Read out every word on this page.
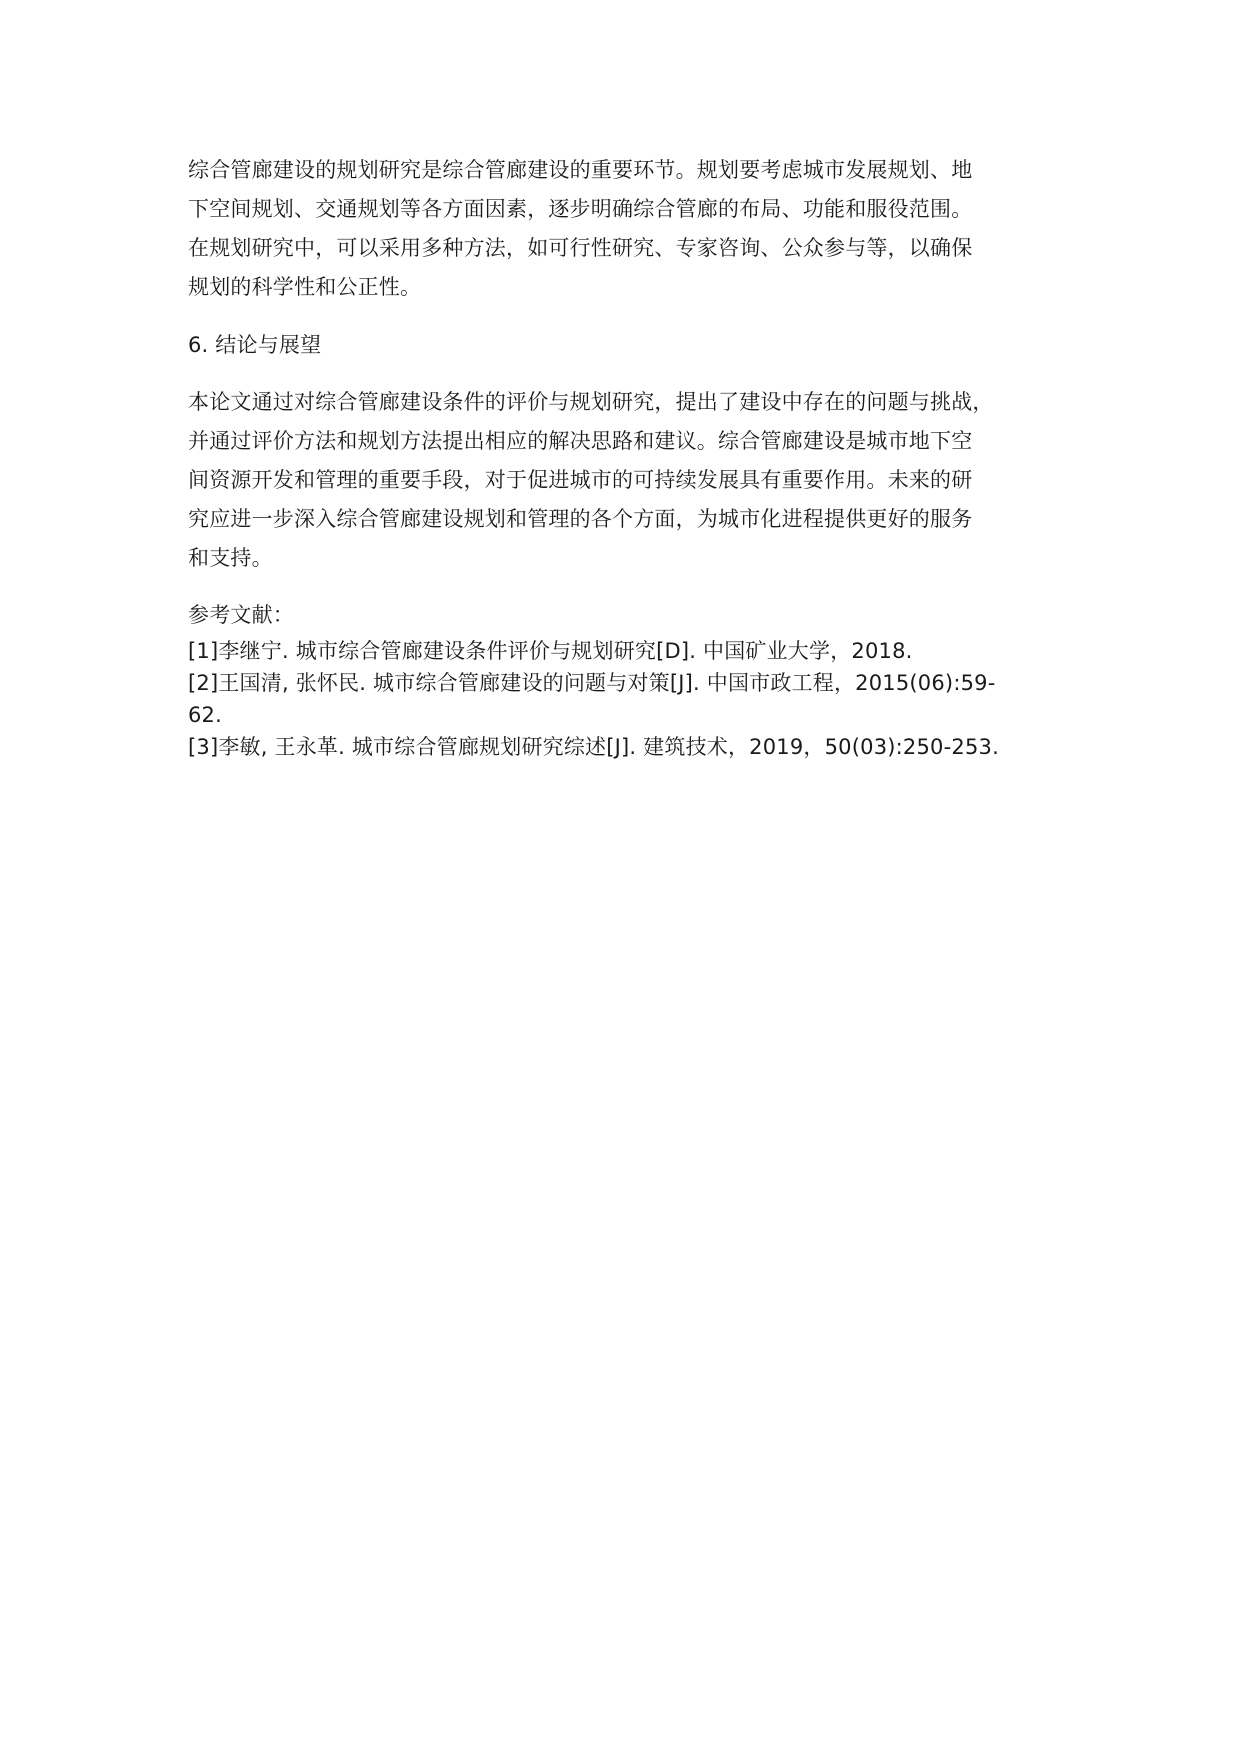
综合管廊建设的规划研究是综合管廊建设的重要环节。规划要考虑城市发展规划、地
下空间规划、交通规划等各方面因素，逐步明确综合管廊的布局、功能和服役范围。
在规划研究中，可以采用多种方法，如可行性研究、专家咨询、公众参与等，以确保
规划的科学性和公正性。

6. 结论与展望

本论文通过对综合管廊建设条件的评价与规划研究，提出了建设中存在的问题与挑战，
并通过评价方法和规划方法提出相应的解决思路和建议。综合管廊建设是城市地下空
间资源开发和管理的重要手段，对于促进城市的可持续发展具有重要作用。未来的研
究应进一步深入综合管廊建设规划和管理的各个方面，为城市化进程提供更好的服务
和支持。

参考文献：

[1]李继宁. 城市综合管廊建设条件评价与规划研究[D]. 中国矿业大学，2018.

[2]王国清, 张怀民. 城市综合管廊建设的问题与对策[J]. 中国市政工程，2015(06):59-
62.

[3]李敏, 王永革. 城市综合管廊规划研究综述[J]. 建筑技术，2019，50(03):250-253.
